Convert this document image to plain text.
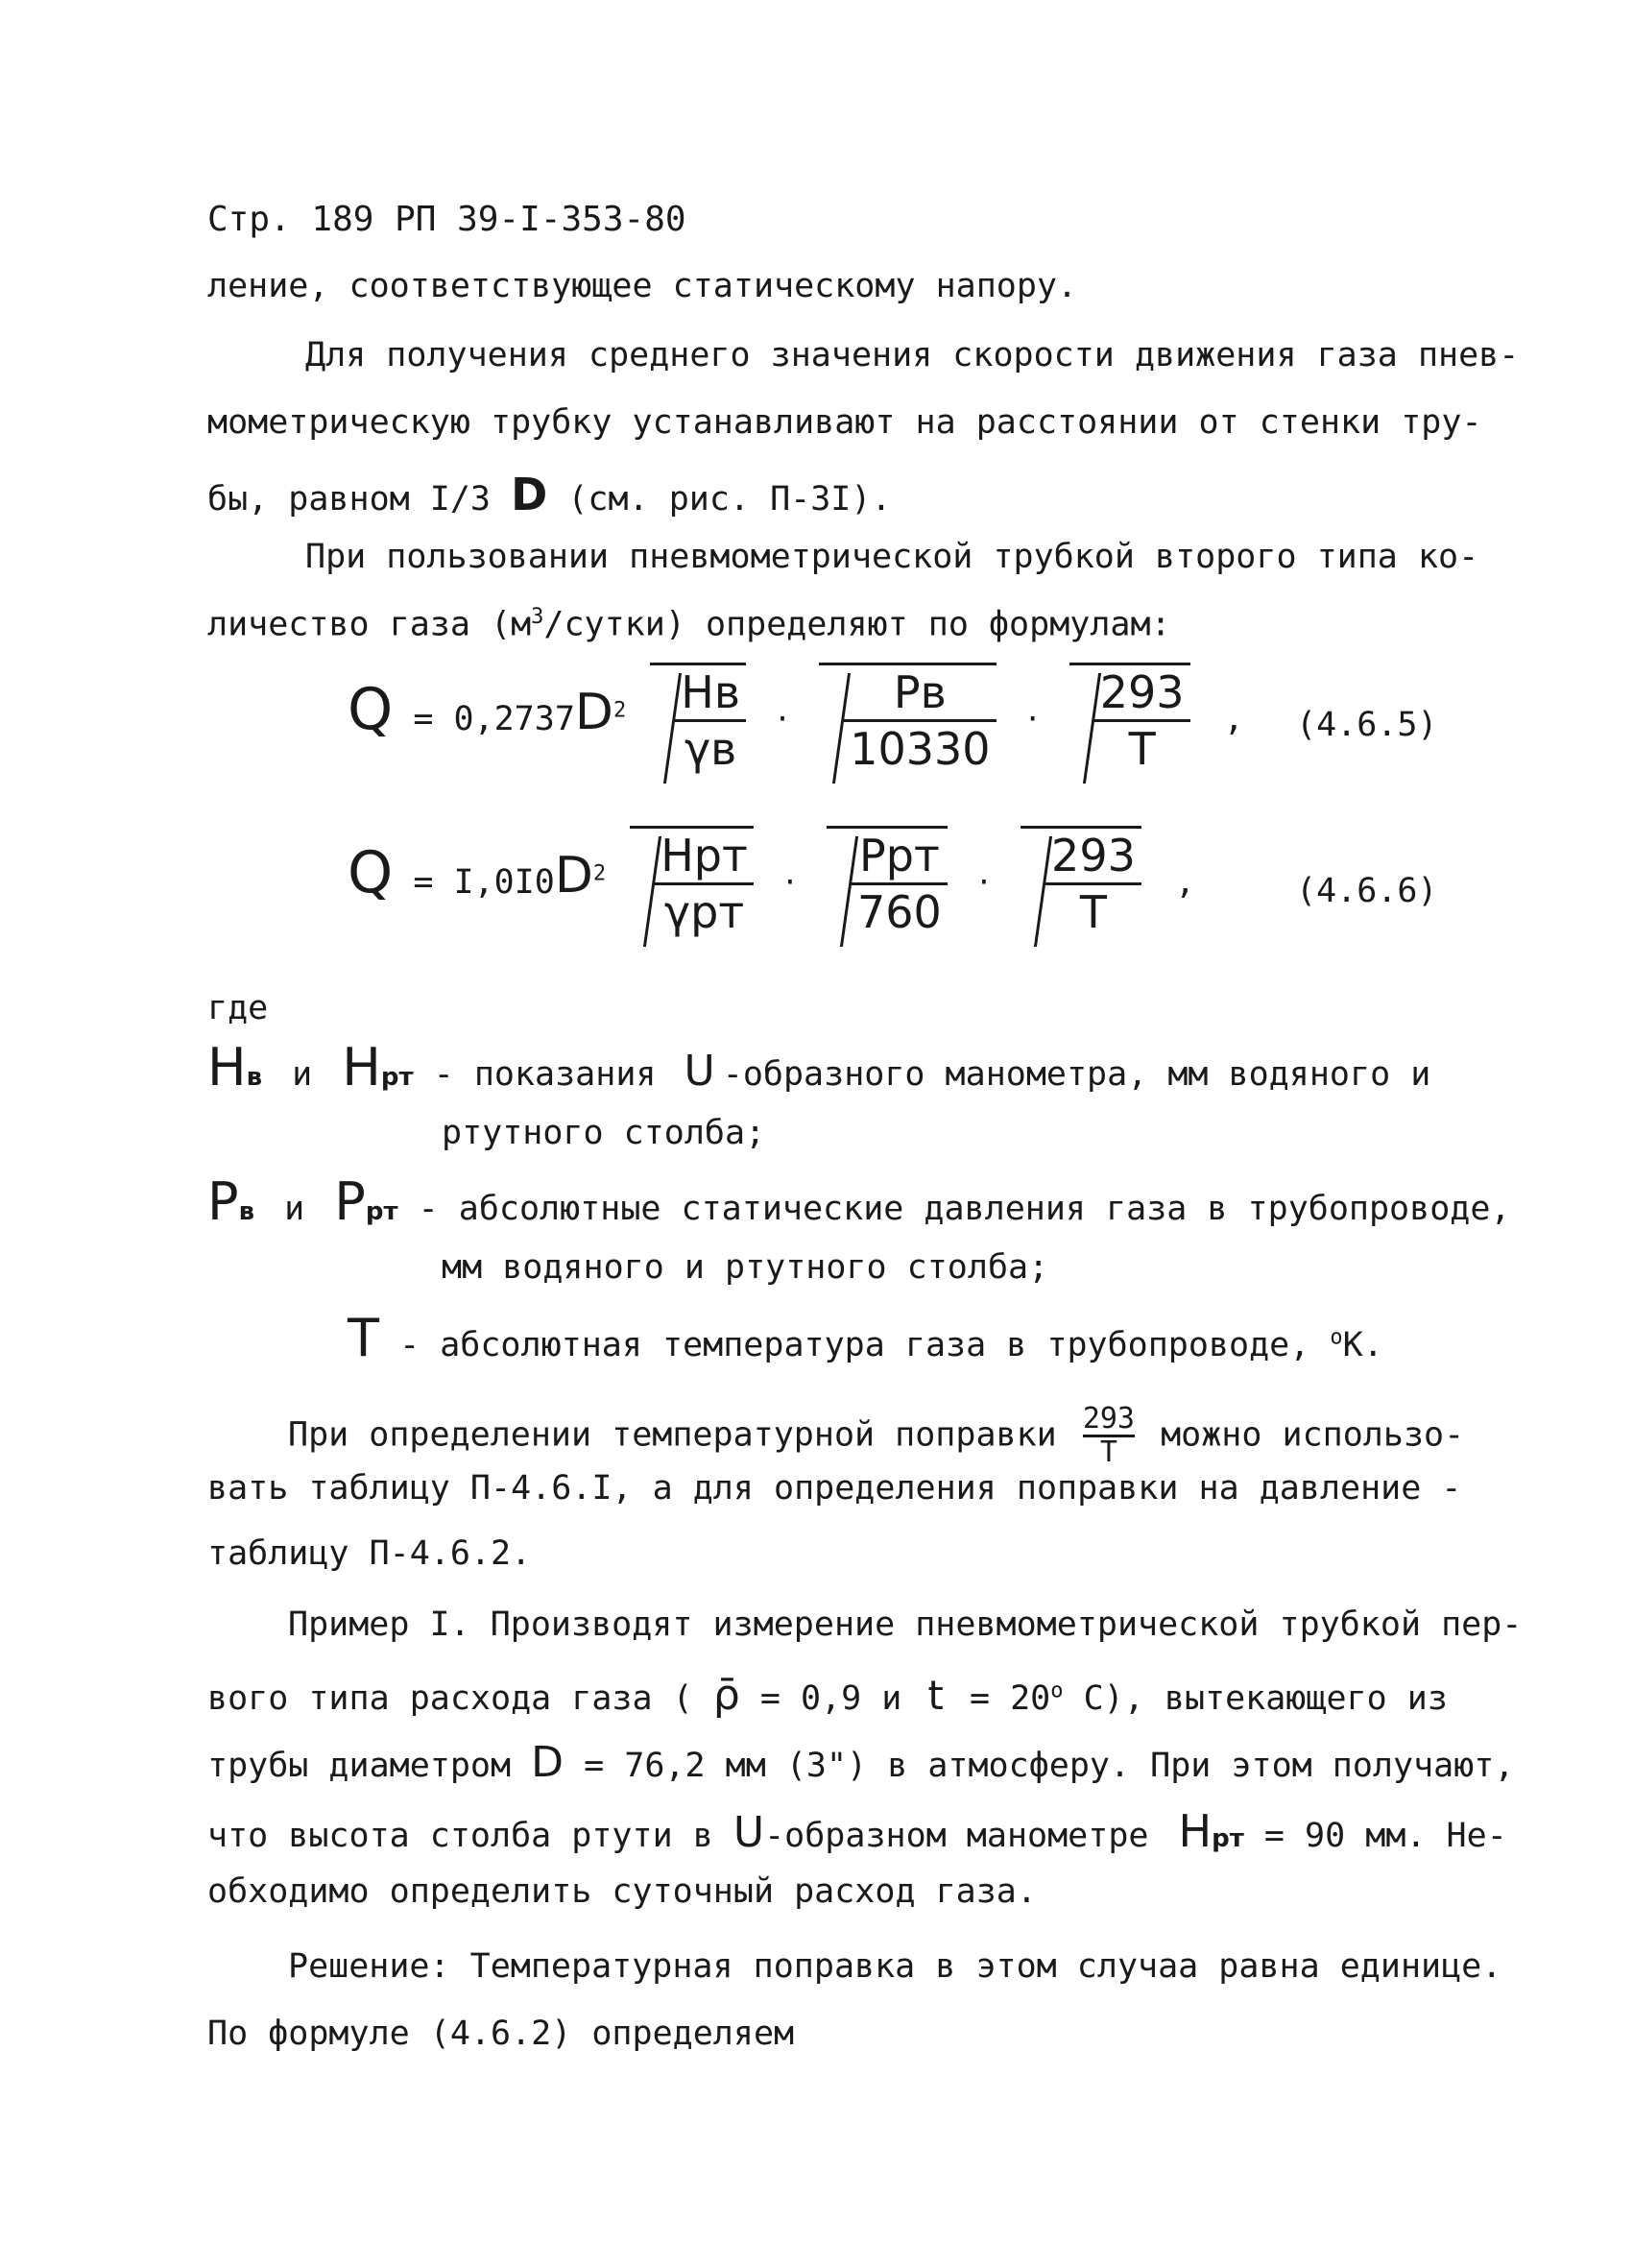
Стр. 189 РП 39-I-353-80
ление, соответствующее статическому напору.
Для получения среднего значения скорости движения газа пнев-
мометрическую трубку устанавливают на расстоянии от стенки тру-
бы, равном I/3 D (см. рис. П-3I).
При пользовании пневмометрической трубкой второго типа ко-
личество газа $(м^3/сутки)$ определяют по формулам:
$Q = 0,2737D^2 \frac{Hв}{\gamma в} \cdot \frac{Pв}{10330} \cdot \frac{293}{T}$ , (4.6.5)
$Q = I,0I0D^2 \frac{\text{Hрт}}{\text{γрт}} \cdot \frac{\text{Pрт}}{760} \cdot \frac{293}{T}$ ,	(4.6.6)
где
Hв и Hрт - показания U -образного манометра, мм водяного и
ртутного столба;
Pв и Pрт - абсолютные статические давления газа в трубопроводе,
мм водяного и ртутного столба;
T - абсолютная температура газа в трубопроводе, $^о$К.
При определении температурной поправки $\frac{293}{T}$ можно использо-
вать таблицу П-4.6.I, а для определения поправки на давление -
таблицу П-4.6.2.
Пример I. Производят измерение пневмометрической трубкой пер-
вого типа расхода газа ( ρ̄ = 0,9 и $t = 20^о$ С), вытекающего из
трубы диаметром D = 76,2 мм (3") в атмосферу. При этом получают,
что высота столба ртути в U-образном манометре Hрт = 90 мм. Не-
обходимо определить суточный расход газа.
Решение: Температурная поправка в этом случаа равна единице.
По формуле (4.6.2) определяем
